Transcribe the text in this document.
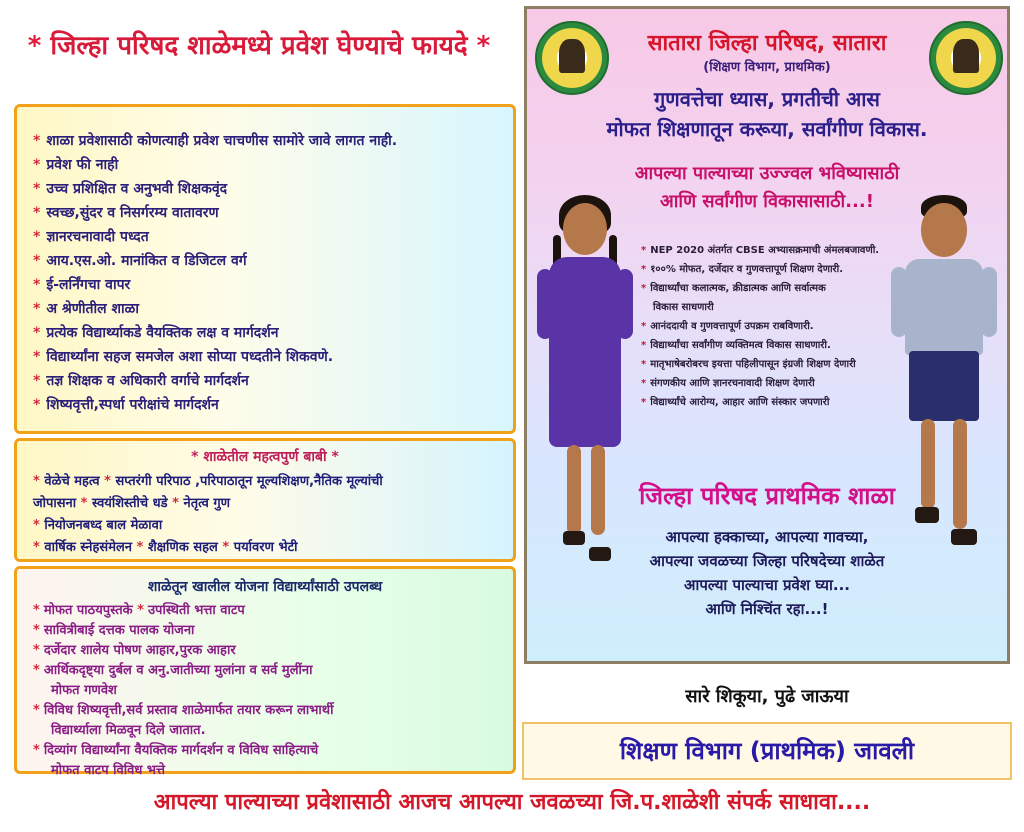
* जिल्हा परिषद शाळेमध्ये प्रवेश घेण्याचे फायदे *
* शाळा प्रवेशासाठी कोणत्याही प्रवेश चाचणीस सामोरे जावे लागत नाही.
* प्रवेश फी नाही
* उच्च प्रशिक्षित व अनुभवी शिक्षकवृंद
* स्वच्छ,सुंदर व निसर्गरम्य वातावरण
* ज्ञानरचनावादी पध्दत
* आय.एस.ओ. मानांकित व डिजिटल वर्ग
* ई-लर्निंगचा वापर
* अ श्रेणीतील शाळा
* प्रत्येक विद्यार्थ्याकडे वैयक्तिक लक्ष व मार्गदर्शन
* विद्यार्थ्यांना सहज समजेल अशा सोप्या पध्दतीने शिकवणे.
* तज्ञ शिक्षक व अधिकारी वर्गाचे मार्गदर्शन
* शिष्यवृत्ती,स्पर्धा परीक्षांचे मार्गदर्शन
* शाळेतील महत्वपुर्ण बाबी *
* वेळेचे महत्व * सप्तरंगी परिपाठ ,परिपाठातून मूल्यशिक्षण,नैतिक मूल्यांची
जोपासना * स्वयंशिस्तीचे धडे * नेतृत्व गुण
* नियोजनबध्द बाल मेळावा
* वार्षिक स्नेहसंमेलन * शैक्षणिक सहल * पर्यावरण भेटी
शाळेतून खालील योजना विद्यार्थ्यांसाठी उपलब्ध
* मोफत पाठयपुस्तके * उपस्थिती भत्ता वाटप
* सावित्रीबाई दत्तक पालक योजना
* दर्जेदार शालेय पोषण आहार,पुरक आहार
* आर्थिकदृष्ट्या दुर्बल व अनु.जातीच्या मुलांना व सर्व मुलींना
मोफत गणवेश
* विविध शिष्यवृत्ती,सर्व प्रस्ताव शाळेमार्फत तयार करून लाभार्थी
विद्यार्थ्याला मिळवून दिले जातात.
* दिव्यांग विद्यार्थ्यांना वैयक्तिक मार्गदर्शन व विविध साहित्याचे
मोफत वाटप विविध भत्ते
सातारा जिल्हा परिषद, सातारा
(शिक्षण विभाग, प्राथमिक)
गुणवत्तेचा ध्यास, प्रगतीची आस
मोफत शिक्षणातून करूया, सर्वांगीण विकास.
आपल्या पाल्याच्या उज्ज्वल भविष्यासाठी
आणि सर्वांगीण विकासासाठी...!
* NEP 2020 अंतर्गत CBSE अभ्यासक्रमाची अंमलबजावणी.
* १००% मोफत, दर्जेदार व गुणवत्तापूर्ण शिक्षण देणारी.
* विद्यार्थ्यांचा कलात्मक, क्रीडात्मक आणि सर्वात्मक
विकास साधणारी
* आनंददायी व गुणवत्तापूर्ण उपक्रम राबविणारी.
* विद्यार्थ्यांचा सर्वांगीण व्यक्तिमत्व विकास साधणारी.
* मातृभाषेबरोबरच इयत्ता पहिलीपासून इंग्रजी शिक्षण देणारी
* संगणकीय आणि ज्ञानरचनावादी शिक्षण देणारी
* विद्यार्थ्यांचे आरोग्य, आहार आणि संस्कार जपणारी
जिल्हा परिषद प्राथमिक शाळा
आपल्या हक्काच्या, आपल्या गावच्या,
आपल्या जवळच्या जिल्हा परिषदेच्या शाळेत
आपल्या पाल्याचा प्रवेश घ्या...
आणि निश्चिंत रहा...!
सारे शिकूया, पुढे जाऊया
शिक्षण विभाग (प्राथमिक) जावली
आपल्या पाल्याच्या प्रवेशासाठी आजच आपल्या जवळच्या जि.प.शाळेशी संपर्क साधावा....
